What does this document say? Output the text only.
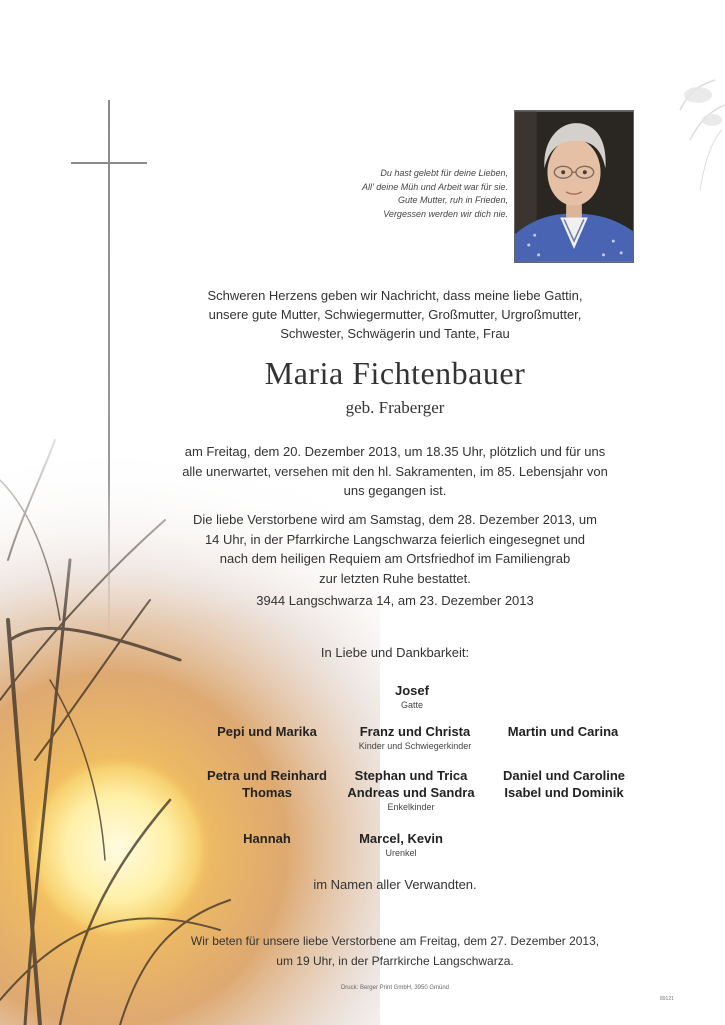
Du hast gelebt für deine Lieben,
All' deine Müh und Arbeit war für sie.
Gute Mutter, ruh in Frieden,
Vergessen werden wir dich nie.
Schweren Herzens geben wir Nachricht, dass meine liebe Gattin,
unsere gute Mutter, Schwiegermutter, Großmutter, Urgroßmutter,
Schwester, Schwägerin und Tante, Frau
Maria Fichtenbauer
geb. Fraberger
am Freitag, dem 20. Dezember 2013, um 18.35 Uhr, plötzlich und für uns
alle unerwartet, versehen mit den hl. Sakramenten, im 85. Lebensjahr von
uns gegangen ist.
Die liebe Verstorbene wird am Samstag, dem 28. Dezember 2013, um
14 Uhr, in der Pfarrkirche Langschwarza feierlich eingesegnet und
nach dem heiligen Requiem am Ortsfriedhof im Familiengrab
zur letzten Ruhe bestattet.
3944 Langschwarza 14, am 23. Dezember 2013
In Liebe und Dankbarkeit:
Josef
Gatte
Pepi und Marika	Franz und Christa
Kinder und Schwiegerkinder
Martin und Carina
Petra und Reinhard
Thomas
Stephan und Trica
Andreas und Sandra
Enkelkinder
Daniel und Caroline
Isabel und Dominik
Hannah	Marcel, Kevin
Urenkel
im Namen aller Verwandten.
Wir beten für unsere liebe Verstorbene am Freitag, dem 27. Dezember 2013,
um 19 Uhr, in der Pfarrkirche Langschwarza.
Druck: Berger Print GmbH, 3950 Gmünd
89121
